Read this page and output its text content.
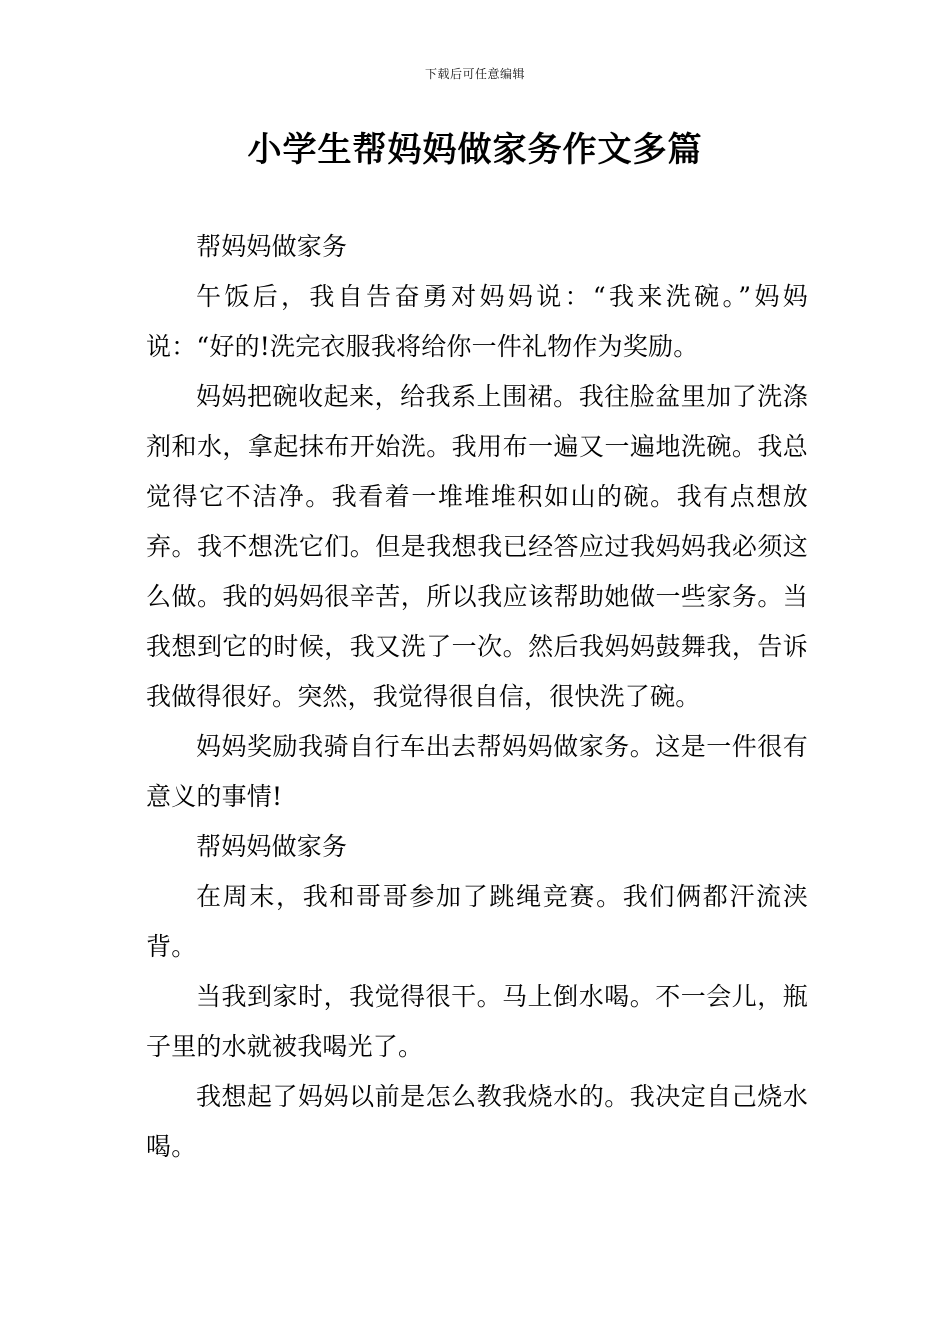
下载后可任意编辑
小学生帮妈妈做家务作文多篇

帮妈妈做家务

午饭后，我自告奋勇对妈妈说：“我来洗碗。”妈妈说：“好的!洗完衣服我将给你一件礼物作为奖励。

妈妈把碗收起来，给我系上围裙。我往脸盆里加了洗涤剂和水，拿起抹布开始洗。我用布一遍又一遍地洗碗。我总觉得它不洁净。我看着一堆堆堆积如山的碗。我有点想放弃。我不想洗它们。但是我想我已经答应过我妈妈我必须这么做。我的妈妈很辛苦，所以我应该帮助她做一些家务。当我想到它的时候，我又洗了一次。然后我妈妈鼓舞我，告诉我做得很好。突然，我觉得很自信，很快洗了碗。

妈妈奖励我骑自行车出去帮妈妈做家务。这是一件很有意义的事情!

帮妈妈做家务

在周末，我和哥哥参加了跳绳竞赛。我们俩都汗流浃背。

当我到家时，我觉得很干。马上倒水喝。不一会儿，瓶子里的水就被我喝光了。

我想起了妈妈以前是怎么教我烧水的。我决定自己烧水喝。
